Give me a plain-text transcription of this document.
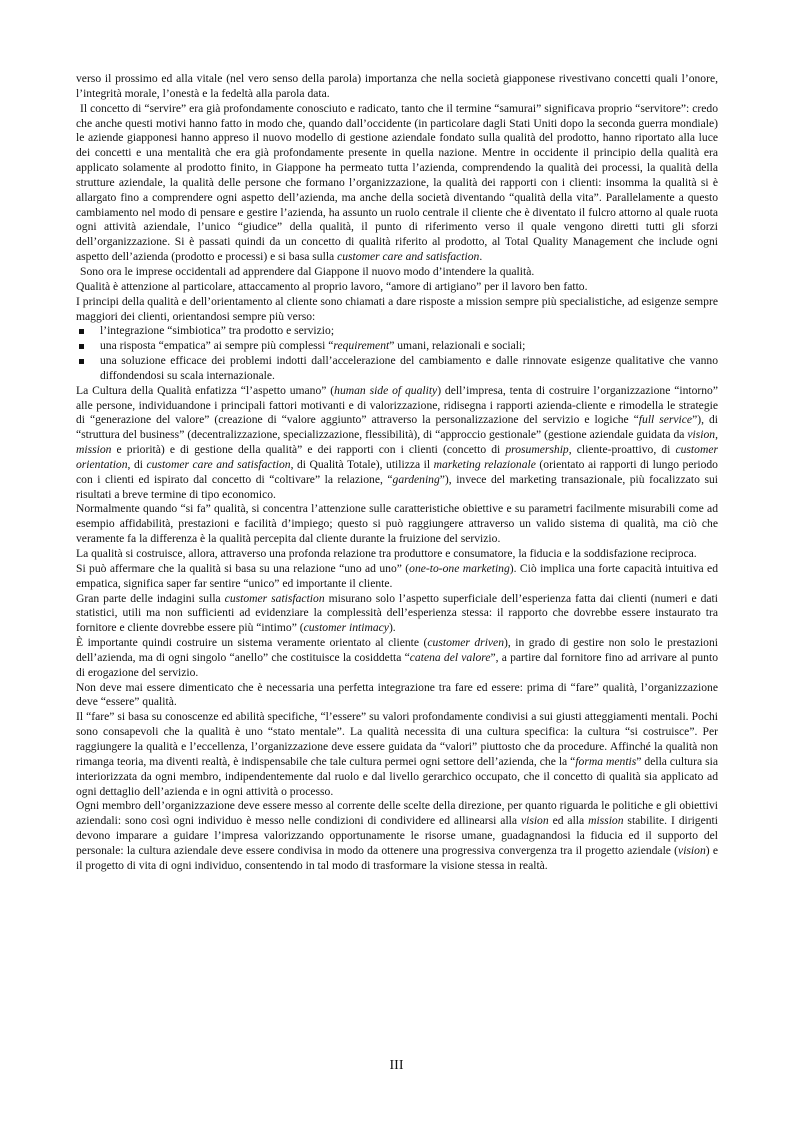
verso il prossimo ed alla vitale (nel vero senso della parola) importanza che nella società giapponese rivestivano concetti quali l’onore, l’integrità morale, l’onestà e la fedeltà alla parola data.

Il concetto di “servire” era già profondamente conosciuto e radicato, tanto che il termine “samurai” significava proprio “servitore”: credo che anche questi motivi hanno fatto in modo che, quando dall’occidente (in particolare dagli Stati Uniti dopo la seconda guerra mondiale) le aziende giapponesi hanno appreso il nuovo modello di gestione aziendale fondato sulla qualità del prodotto, hanno riportato alla luce dei concetti e una mentalità che era già profondamente presente in quella nazione. Mentre in occidente il principio della qualità era applicato solamente al prodotto finito, in Giappone ha permeato tutta l’azienda, comprendendo la qualità dei processi, la qualità della strutture aziendale, la qualità delle persone che formano l’organizzazione, la qualità dei rapporti con i clienti: insomma la qualità si è allargato fino a comprendere ogni aspetto dell’azienda, ma anche della società diventando “qualità della vita”. Parallelamente a questo cambiamento nel modo di pensare e gestire l’azienda, ha assunto un ruolo centrale il cliente che è diventato il fulcro attorno al quale ruota ogni attività aziendale, l’unico “giudice” della qualità, il punto di riferimento verso il quale vengono diretti tutti gli sforzi dell’organizzazione. Si è passati quindi da un concetto di qualità riferito al prodotto, al Total Quality Management che include ogni aspetto dell’azienda (prodotto e processi) e si basa sulla customer care and satisfaction.

Sono ora le imprese occidentali ad apprendere dal Giappone il nuovo modo d’intendere la qualità.

Qualità è attenzione al particolare, attaccamento al proprio lavoro, “amore di artigiano” per il lavoro ben fatto.

I principi della qualità e dell’orientamento al cliente sono chiamati a dare risposte a mission sempre più specialistiche, ad esigenze sempre maggiori dei clienti, orientandosi sempre più verso:

l’integrazione “simbiotica” tra prodotto e servizio;
una risposta “empatica” ai sempre più complessi “requirement” umani, relazionali e sociali;
una soluzione efficace dei problemi indotti dall’accelerazione del cambiamento e dalle rinnovate esigenze qualitative che vanno diffondendosi su scala internazionale.

La Cultura della Qualità enfatizza “l’aspetto umano” (human side of quality) dell’impresa, tenta di costruire l’organizzazione “intorno” alle persone, individuandone i principali fattori motivanti e di valorizzazione, ridisegna i rapporti azienda-cliente e rimodella le strategie di “generazione del valore” (creazione di “valore aggiunto” attraverso la personalizzazione del servizio e logiche “full service”), di “struttura del business” (decentralizzazione, specializzazione, flessibilità), di “approccio gestionale” (gestione aziendale guidata da vision, mission e priorità) e di gestione della qualità” e dei rapporti con i clienti (concetto di prosumership, cliente-proattivo, di customer orientation, di customer care and satisfaction, di Qualità Totale), utilizza il marketing relazionale (orientato ai rapporti di lungo periodo con i clienti ed ispirato dal concetto di “coltivare” la relazione, “gardening”), invece del marketing transazionale, più focalizzato sui risultati a breve termine di tipo economico.

Normalmente quando “si fa” qualità, si concentra l’attenzione sulle caratteristiche obiettive e su parametri facilmente misurabili come ad esempio affidabilità, prestazioni e facilità d’impiego; questo si può raggiungere attraverso un valido sistema di qualità, ma ciò che veramente fa la differenza è la qualità percepita dal cliente durante la fruizione del servizio.

La qualità si costruisce, allora, attraverso una profonda relazione tra produttore e consumatore, la fiducia e la soddisfazione reciproca.

Si può affermare che la qualità si basa su una relazione “uno ad uno” (one-to-one marketing). Ciò implica una forte capacità intuitiva ed empatica, significa saper far sentire “unico” ed importante il cliente.

Gran parte delle indagini sulla customer satisfaction misurano solo l’aspetto superficiale dell’esperienza fatta dai clienti (numeri e dati statistici, utili ma non sufficienti ad evidenziare la complessità dell’esperienza stessa: il rapporto che dovrebbe essere instaurato tra fornitore e cliente dovrebbe essere più “intimo” (customer intimacy).

È importante quindi costruire un sistema veramente orientato al cliente (customer driven), in grado di gestire non solo le prestazioni dell’azienda, ma di ogni singolo “anello” che costituisce la cosiddetta “catena del valore”, a partire dal fornitore fino ad arrivare al punto di erogazione del servizio.

Non deve mai essere dimenticato che è necessaria una perfetta integrazione tra fare ed essere: prima di “fare” qualità, l’organizzazione deve “essere” qualità.

Il “fare” si basa su conoscenze ed abilità specifiche, “l’essere” su valori profondamente condivisi a sui giusti atteggiamenti mentali. Pochi sono consapevoli che la qualità è uno “stato mentale”. La qualità necessita di una cultura specifica: la cultura “si costruisce”. Per raggiungere la qualità e l’eccellenza, l’organizzazione deve essere guidata da “valori” piuttosto che da procedure. Affinché la qualità non rimanga teoria, ma diventi realtà, è indispensabile che tale cultura permei ogni settore dell’azienda, che la “forma mentis” della cultura sia interiorizzata da ogni membro, indipendentemente dal ruolo e dal livello gerarchico occupato, che il concetto di qualità sia applicato ad ogni dettaglio dell’azienda e in ogni attività o processo.

Ogni membro dell’organizzazione deve essere messo al corrente delle scelte della direzione, per quanto riguarda le politiche e gli obiettivi aziendali: sono così ogni individuo è messo nelle condizioni di condividere ed allinearsi alla vision ed alla mission stabilite. I dirigenti devono imparare a guidare l’impresa valorizzando opportunamente le risorse umane, guadagnandosi la fiducia ed il supporto del personale: la cultura aziendale deve essere condivisa in modo da ottenere una progressiva convergenza tra il progetto aziendale (vision) e il progetto di vita di ogni individuo, consentendo in tal modo di trasformare la visione stessa in realtà.

III
